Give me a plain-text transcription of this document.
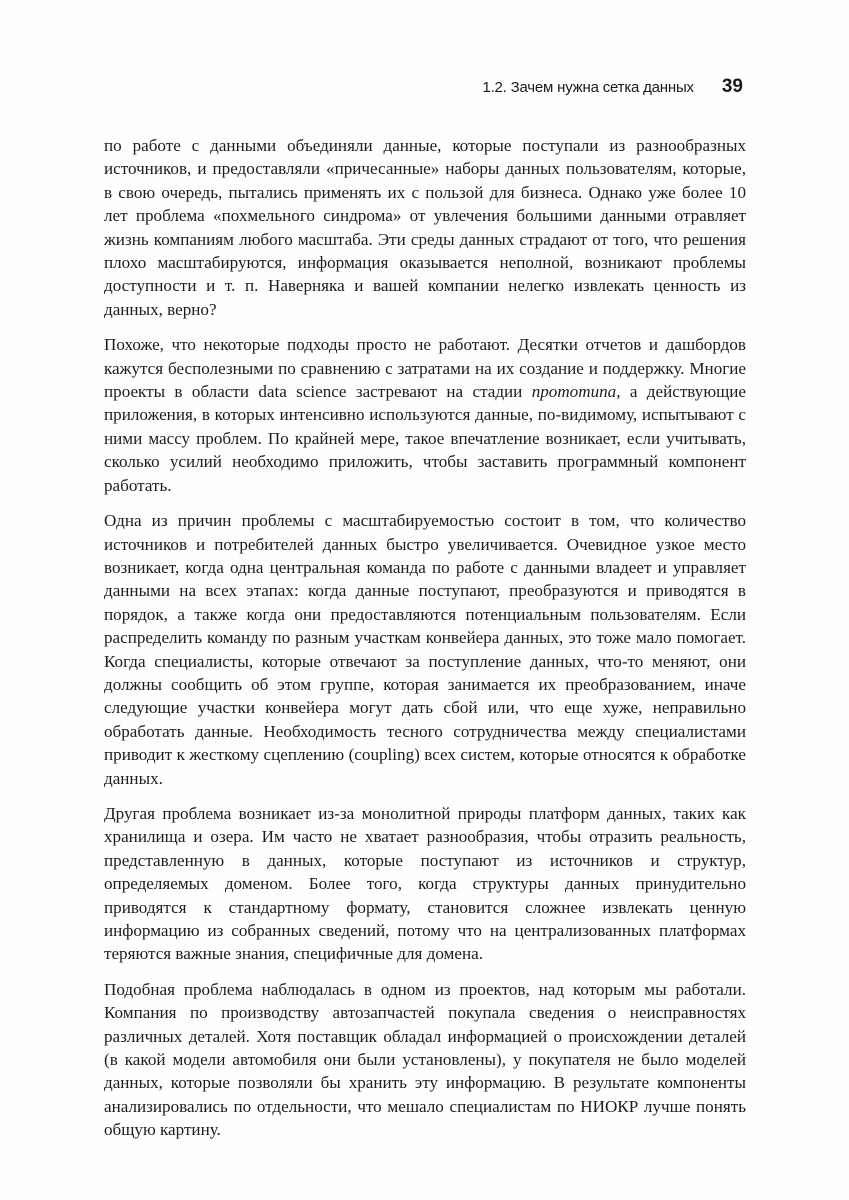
1.2. Зачем нужна сетка данных 39

по работе с данными объединяли данные, которые поступали из разнообразных источников, и предоставляли «причесанные» наборы данных пользователям, которые, в свою очередь, пытались применять их с пользой для бизнеса. Однако уже более 10 лет проблема «похмельного синдрома» от увлечения большими данными отравляет жизнь компаниям любого масштаба. Эти среды данных страдают от того, что решения плохо масштабируются, информация оказывается неполной, возникают проблемы доступности и т. п. Наверняка и вашей компании нелегко извлекать ценность из данных, верно?

Похоже, что некоторые подходы просто не работают. Десятки отчетов и дашбордов кажутся бесполезными по сравнению с затратами на их создание и поддержку. Многие проекты в области data science застревают на стадии прототипа, а действующие приложения, в которых интенсивно используются данные, по-видимому, испытывают с ними массу проблем. По крайней мере, такое впечатление возникает, если учитывать, сколько усилий необходимо приложить, чтобы заставить программный компонент работать.

Одна из причин проблемы с масштабируемостью состоит в том, что количество источников и потребителей данных быстро увеличивается. Очевидное узкое место возникает, когда одна центральная команда по работе с данными владеет и управляет данными на всех этапах: когда данные поступают, преобразуются и приводятся в порядок, а также когда они предоставляются потенциальным пользователям. Если распределить команду по разным участкам конвейера данных, это тоже мало помогает. Когда специалисты, которые отвечают за поступление данных, что-то меняют, они должны сообщить об этом группе, которая занимается их преобразованием, иначе следующие участки конвейера могут дать сбой или, что еще хуже, неправильно обработать данные. Необходимость тесного сотрудничества между специалистами приводит к жесткому сцеплению (coupling) всех систем, которые относятся к обработке данных.

Другая проблема возникает из-за монолитной природы платформ данных, таких как хранилища и озера. Им часто не хватает разнообразия, чтобы отразить реальность, представленную в данных, которые поступают из источников и структур, определяемых доменом. Более того, когда структуры данных принудительно приводятся к стандартному формату, становится сложнее извлекать ценную информацию из собранных сведений, потому что на централизованных платформах теряются важные знания, специфичные для домена.

Подобная проблема наблюдалась в одном из проектов, над которым мы работали. Компания по производству автозапчастей покупала сведения о неисправностях различных деталей. Хотя поставщик обладал информацией о происхождении деталей (в какой модели автомобиля они были установлены), у покупателя не было моделей данных, которые позволяли бы хранить эту информацию. В результате компоненты анализировались по отдельности, что мешало специалистам по НИОКР лучше понять общую картину.
